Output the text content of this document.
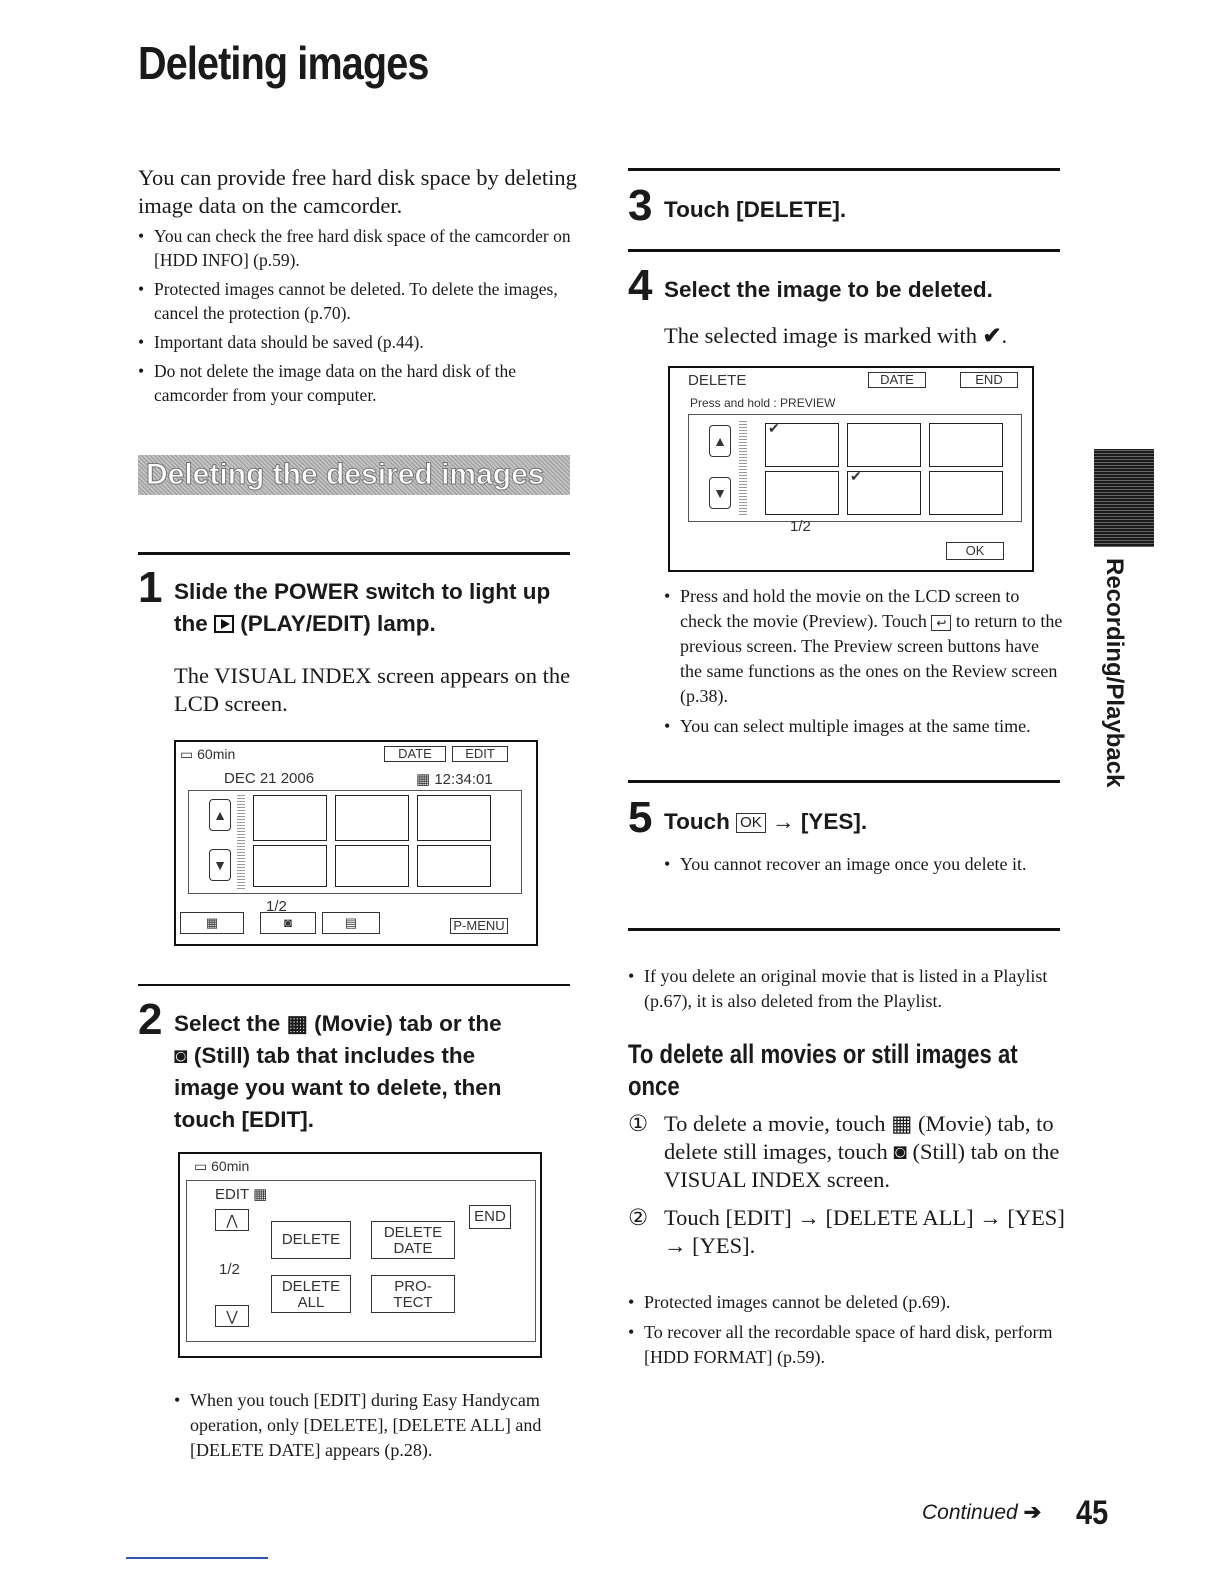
Deleting images
You can provide free hard disk space by deleting image data on the camcorder.
• You can check the free hard disk space of the camcorder on [HDD INFO] (p.59).
• Protected images cannot be deleted. To delete the images, cancel the protection (p.70).
• Important data should be saved (p.44).
• Do not delete the image data on the hard disk of the camcorder from your computer.
Deleting the desired images
1 Slide the POWER switch to light up
the (PLAY/EDIT) lamp.
The VISUAL INDEX screen appears on the LCD screen.
▭ 60min	DATE	EDIT
DEC 21 2006	▦ 12:34:01
▲
▼
1/2
▦	◙	▤	P-MENU
2 Select the ▦ (Movie) tab or the
◙ (Still) tab that includes the
image you want to delete, then
touch [EDIT].
▭ 60min
EDIT ▦
⋀	END
DELETE	DELETE
DATE
1/2
DELETE
ALL
PRO-
TECT
⋁
• When you touch [EDIT] during Easy Handycam operation, only [DELETE], [DELETE ALL] and [DELETE DATE] appears (p.28).
3 Touch [DELETE].
4 Select the image to be deleted.
The selected image is marked with ✔.
DELETE	DATE	END
Press and hold : PREVIEW
▲
▼
✔
✔
1/2
OK
• Press and hold the movie on the LCD screen to check the movie (Preview). Touch ↩ to return to the previous screen. The Preview screen buttons have the same functions as the ones on the Review screen (p.38).
• You can select multiple images at the same time.
5 Touch OK → [YES].
• You cannot recover an image once you delete it.
• If you delete an original movie that is listed in a Playlist (p.67), it is also deleted from the Playlist.
To delete all movies or still images at once
① To delete a movie, touch ▦ (Movie) tab, to delete still images, touch ◙ (Still) tab on the VISUAL INDEX screen.
② Touch [EDIT] → [DELETE ALL] → [YES] → [YES].
• Protected images cannot be deleted (p.69).
• To recover all the recordable space of hard disk, perform [HDD FORMAT] (p.59).
Recording/Playback
Continued ➔ 45
